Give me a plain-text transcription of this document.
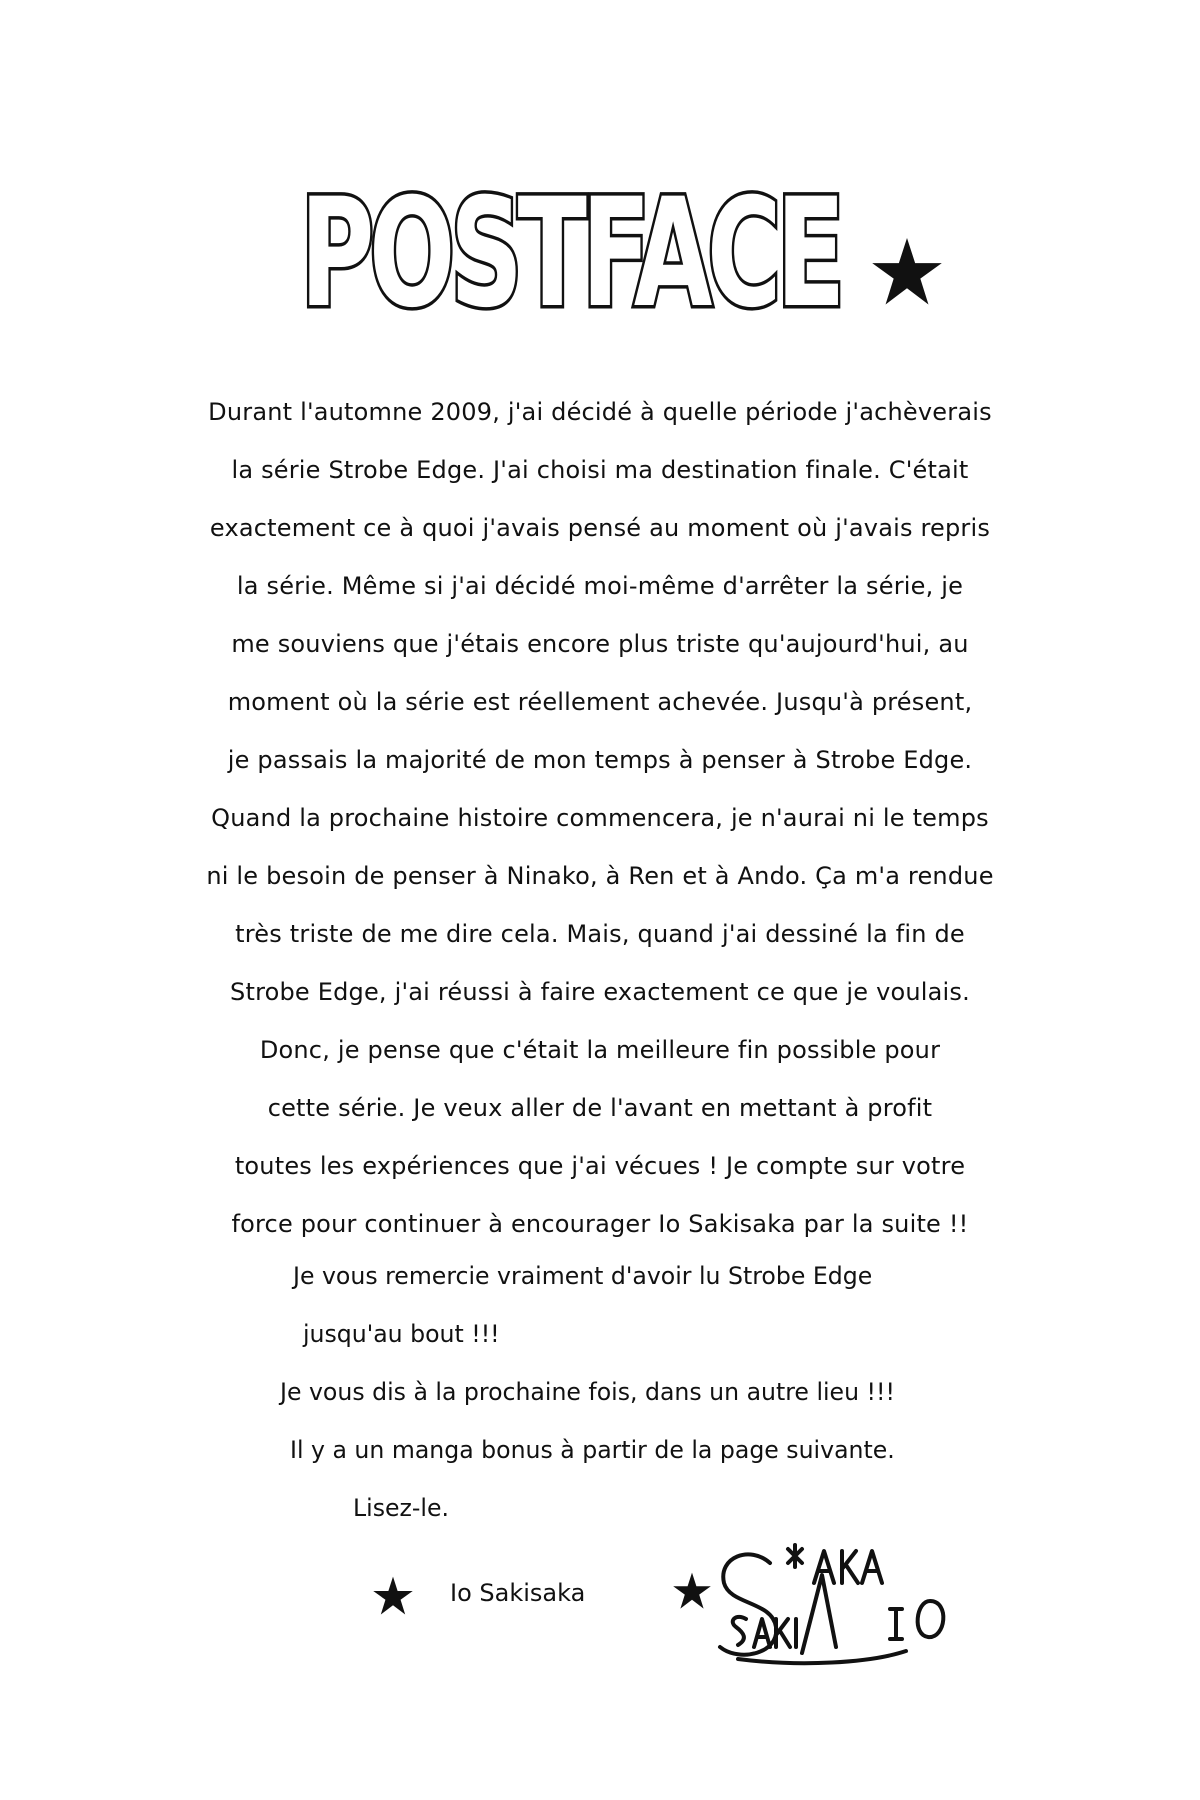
POSTFACE
Durant l'automne 2009, j'ai décidé à quelle période j'achèverais
la série Strobe Edge. J'ai choisi ma destination finale. C'était
exactement ce à quoi j'avais pensé au moment où j'avais repris
la série. Même si j'ai décidé moi-même d'arrêter la série, je
me souviens que j'étais encore plus triste qu'aujourd'hui, au
moment où la série est réellement achevée. Jusqu'à présent,
je passais la majorité de mon temps à penser à Strobe Edge.
Quand la prochaine histoire commencera, je n'aurai ni le temps
ni le besoin de penser à Ninako, à Ren et à Ando. Ça m'a rendue
très triste de me dire cela. Mais, quand j'ai dessiné la fin de
Strobe Edge, j'ai réussi à faire exactement ce que je voulais.
Donc, je pense que c'était la meilleure fin possible pour
cette série. Je veux aller de l'avant en mettant à profit
toutes les expériences que j'ai vécues ! Je compte sur votre
force pour continuer à encourager Io Sakisaka par la suite !!
Je vous remercie vraiment d'avoir lu Strobe Edge
jusqu'au bout !!!
Je vous dis à la prochaine fois, dans un autre lieu !!!
Il y a un manga bonus à partir de la page suivante.
Lisez-le.
Io Sakisaka
